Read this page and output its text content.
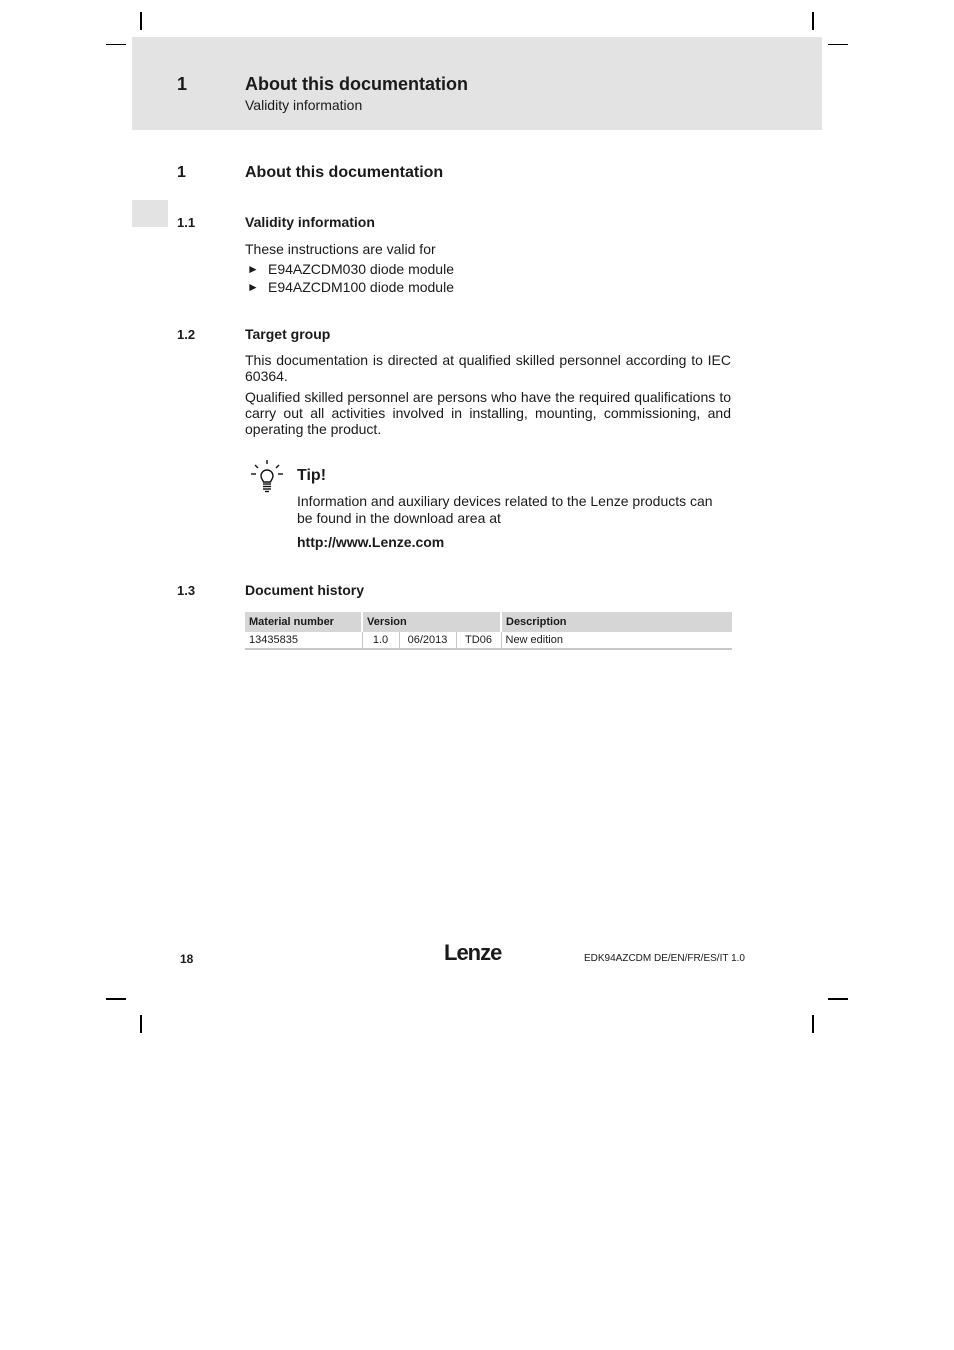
1	About this documentation
Validity information
1	About this documentation
1.1	Validity information
These instructions are valid for
► E94AZCDM030 diode module
► E94AZCDM100 diode module
1.2	Target group
This documentation is directed at qualified skilled personnel according to IEC 60364.
Qualified skilled personnel are persons who have the required qualifications to carry out all activities involved in installing, mounting, commissioning, and operating the product.
Tip!
Information and auxiliary devices related to the Lenze products can be found in the download area at
http://www.Lenze.com
1.3	Document history
Material number	Version			Description
13435835	1.0	06/2013	TD06	New edition
18	Lenze	EDK94AZCDM DE/EN/FR/ES/IT 1.0
